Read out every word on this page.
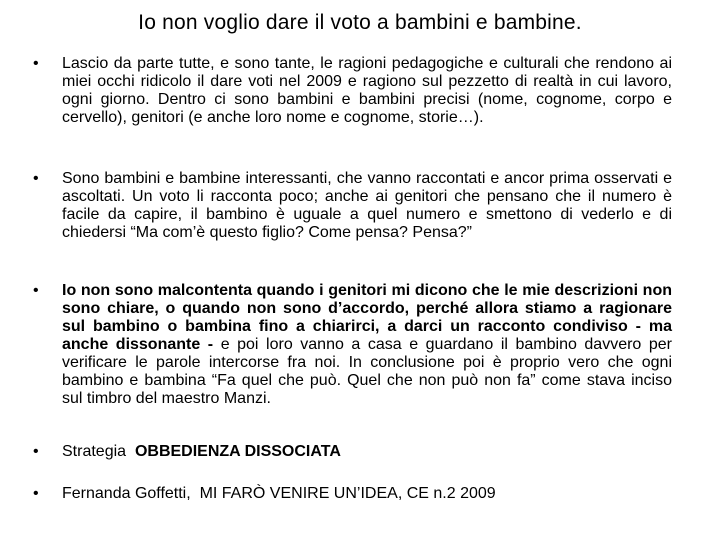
Io non voglio dare il voto a bambini e bambine.
• Lascio da parte tutte, e sono tante, le ragioni pedagogiche e culturali che rendono ai miei occhi ridicolo il dare voti nel 2009 e ragiono sul pezzetto di realtà in cui lavoro, ogni giorno. Dentro ci sono bambini e bambini precisi (nome, cognome, corpo e cervello), genitori (e anche loro nome e cognome, storie…).
• Sono bambini e bambine interessanti, che vanno raccontati e ancor prima osservati e ascoltati. Un voto li racconta poco; anche ai genitori che pensano che il numero è facile da capire, il bambino è uguale a quel numero e smettono di vederlo e di chiedersi “Ma com’è questo figlio? Come pensa? Pensa?”
• Io non sono malcontenta quando i genitori mi dicono che le mie descrizioni non sono chiare, o quando non sono d’accordo, perché allora stiamo a ragionare sul bambino o bambina fino a chiarirci, a darci un racconto condiviso - ma anche dissonante - e poi loro vanno a casa e guardano il bambino davvero per verificare le parole intercorse fra noi. In conclusione poi è proprio vero che ogni bambino e bambina “Fa quel che può. Quel che non può non fa” come stava inciso sul timbro del maestro Manzi.
• Strategia  OBBEDIENZA DISSOCIATA
• Fernanda Goffetti,  MI FARÒ VENIRE UN’IDEA, CE n.2 2009
